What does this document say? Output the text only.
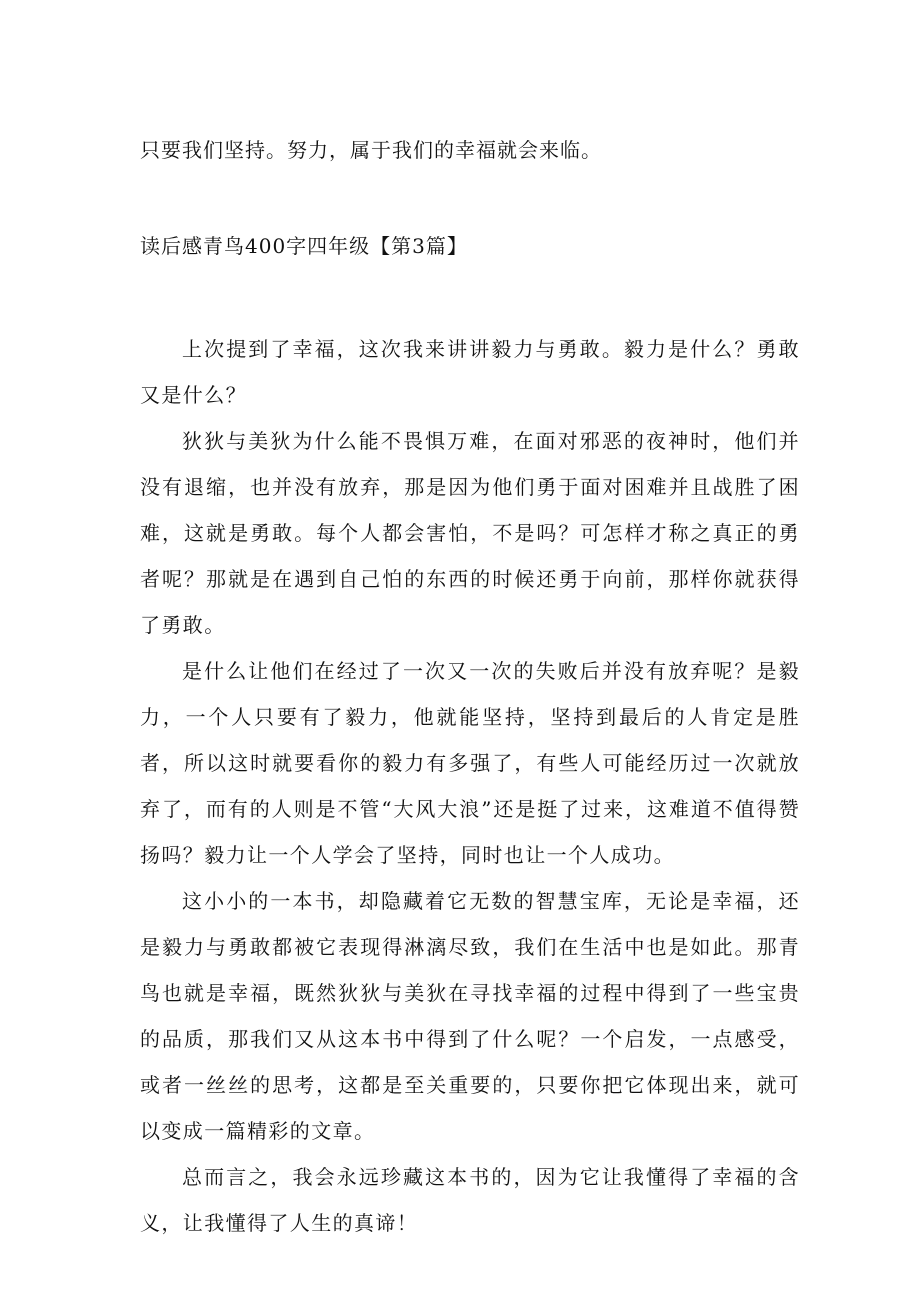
只要我们坚持。努力，属于我们的幸福就会来临。
读后感青鸟400字四年级【第3篇】

上次提到了幸福，这次我来讲讲毅力与勇敢。毅力是什么？勇敢又是什么？

狄狄与美狄为什么能不畏惧万难，在面对邪恶的夜神时，他们并没有退缩，也并没有放弃，那是因为他们勇于面对困难并且战胜了困难，这就是勇敢。每个人都会害怕，不是吗？可怎样才称之真正的勇者呢？那就是在遇到自己怕的东西的时候还勇于向前，那样你就获得了勇敢。

是什么让他们在经过了一次又一次的失败后并没有放弃呢？是毅力，一个人只要有了毅力，他就能坚持，坚持到最后的人肯定是胜者，所以这时就要看你的毅力有多强了，有些人可能经历过一次就放弃了，而有的人则是不管“大风大浪”还是挺了过来，这难道不值得赞扬吗？毅力让一个人学会了坚持，同时也让一个人成功。

这小小的一本书，却隐藏着它无数的智慧宝库，无论是幸福，还是毅力与勇敢都被它表现得淋漓尽致，我们在生活中也是如此。那青鸟也就是幸福，既然狄狄与美狄在寻找幸福的过程中得到了一些宝贵的品质，那我们又从这本书中得到了什么呢？一个启发，一点感受，或者一丝丝的思考，这都是至关重要的，只要你把它体现出来，就可以变成一篇精彩的文章。

总而言之，我会永远珍藏这本书的，因为它让我懂得了幸福的含义，让我懂得了人生的真谛！
